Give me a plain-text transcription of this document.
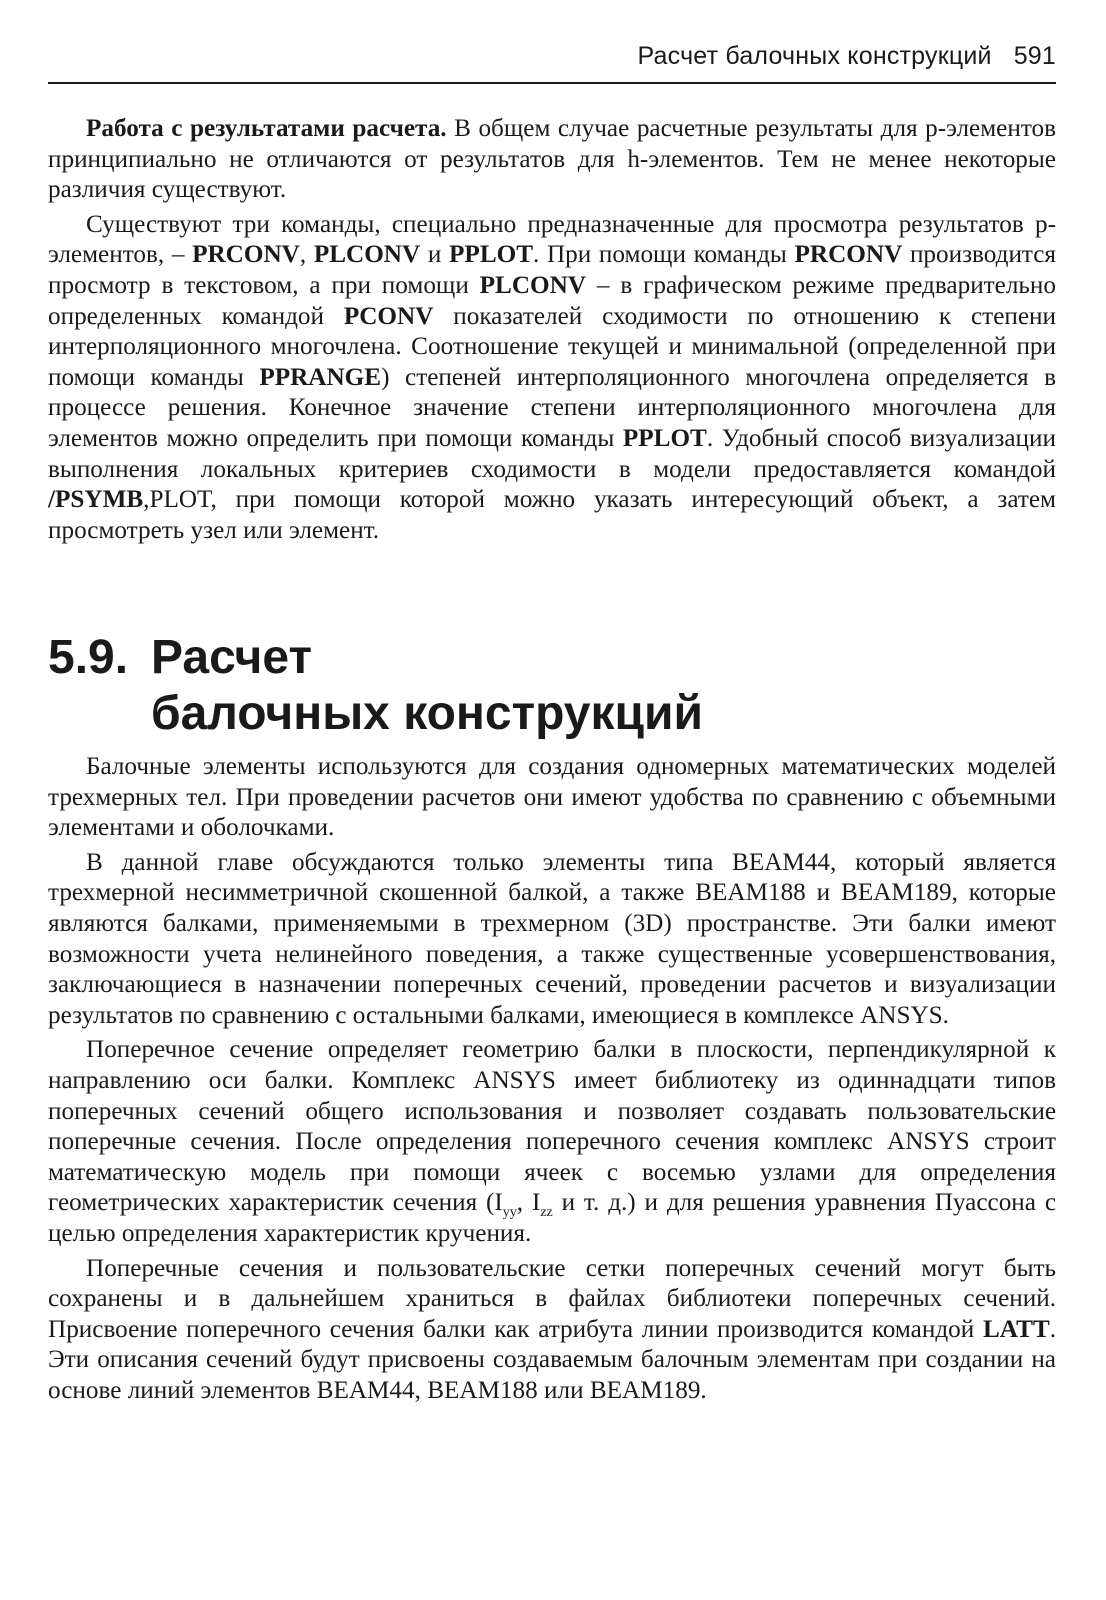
Расчет балочных конструкций 591

Работа с результатами расчета. В общем случае расчетные результаты для p-элементов принципиально не отличаются от результатов для h-элементов. Тем не менее некоторые различия существуют.

Существуют три команды, специально предназначенные для просмотра результатов p-элементов, – PRCONV, PLCONV и PPLOT. При помощи команды PRCONV производится просмотр в текстовом, а при помощи PLCONV – в графическом режиме предварительно определенных командой PCONV показателей сходимости по отношению к степени интерполяционного многочлена. Соотношение текущей и минимальной (определенной при помощи команды PPRANGE) степеней интерполяционного многочлена определяется в процессе решения. Конечное значение степени интерполяционного многочлена для элементов можно определить при помощи команды PPLOT. Удобный способ визуализации выполнения локальных критериев сходимости в модели предоставляется командой /PSYMB,PLOT, при помощи которой можно указать интересующий объект, а затем просмотреть узел или элемент.

5.9. Расчет
балочных конструкций

Балочные элементы используются для создания одномерных математических моделей трехмерных тел. При проведении расчетов они имеют удобства по сравнению с объемными элементами и оболочками.

В данной главе обсуждаются только элементы типа BEAM44, который является трехмерной несимметричной скошенной балкой, а также BEAM188 и BEAM189, которые являются балками, применяемыми в трехмерном (3D) пространстве. Эти балки имеют возможности учета нелинейного поведения, а также существенные усовершенствования, заключающиеся в назначении поперечных сечений, проведении расчетов и визуализации результатов по сравнению с остальными балками, имеющиеся в комплексе ANSYS.

Поперечное сечение определяет геометрию балки в плоскости, перпендикулярной к направлению оси балки. Комплекс ANSYS имеет библиотеку из одиннадцати типов поперечных сечений общего использования и позволяет создавать пользовательские поперечные сечения. После определения поперечного сечения комплекс ANSYS строит математическую модель при помощи ячеек с восемью узлами для определения геометрических характеристик сечения ($I_{yy}$, $I_{zz}$ и т. д.) и для решения уравнения Пуассона с целью определения характеристик кручения.

Поперечные сечения и пользовательские сетки поперечных сечений могут быть сохранены и в дальнейшем храниться в файлах библиотеки поперечных сечений. Присвоение поперечного сечения балки как атрибута линии производится командой LATT. Эти описания сечений будут присвоены создаваемым балочным элементам при создании на основе линий элементов BEAM44, BEAM188 или BEAM189.
